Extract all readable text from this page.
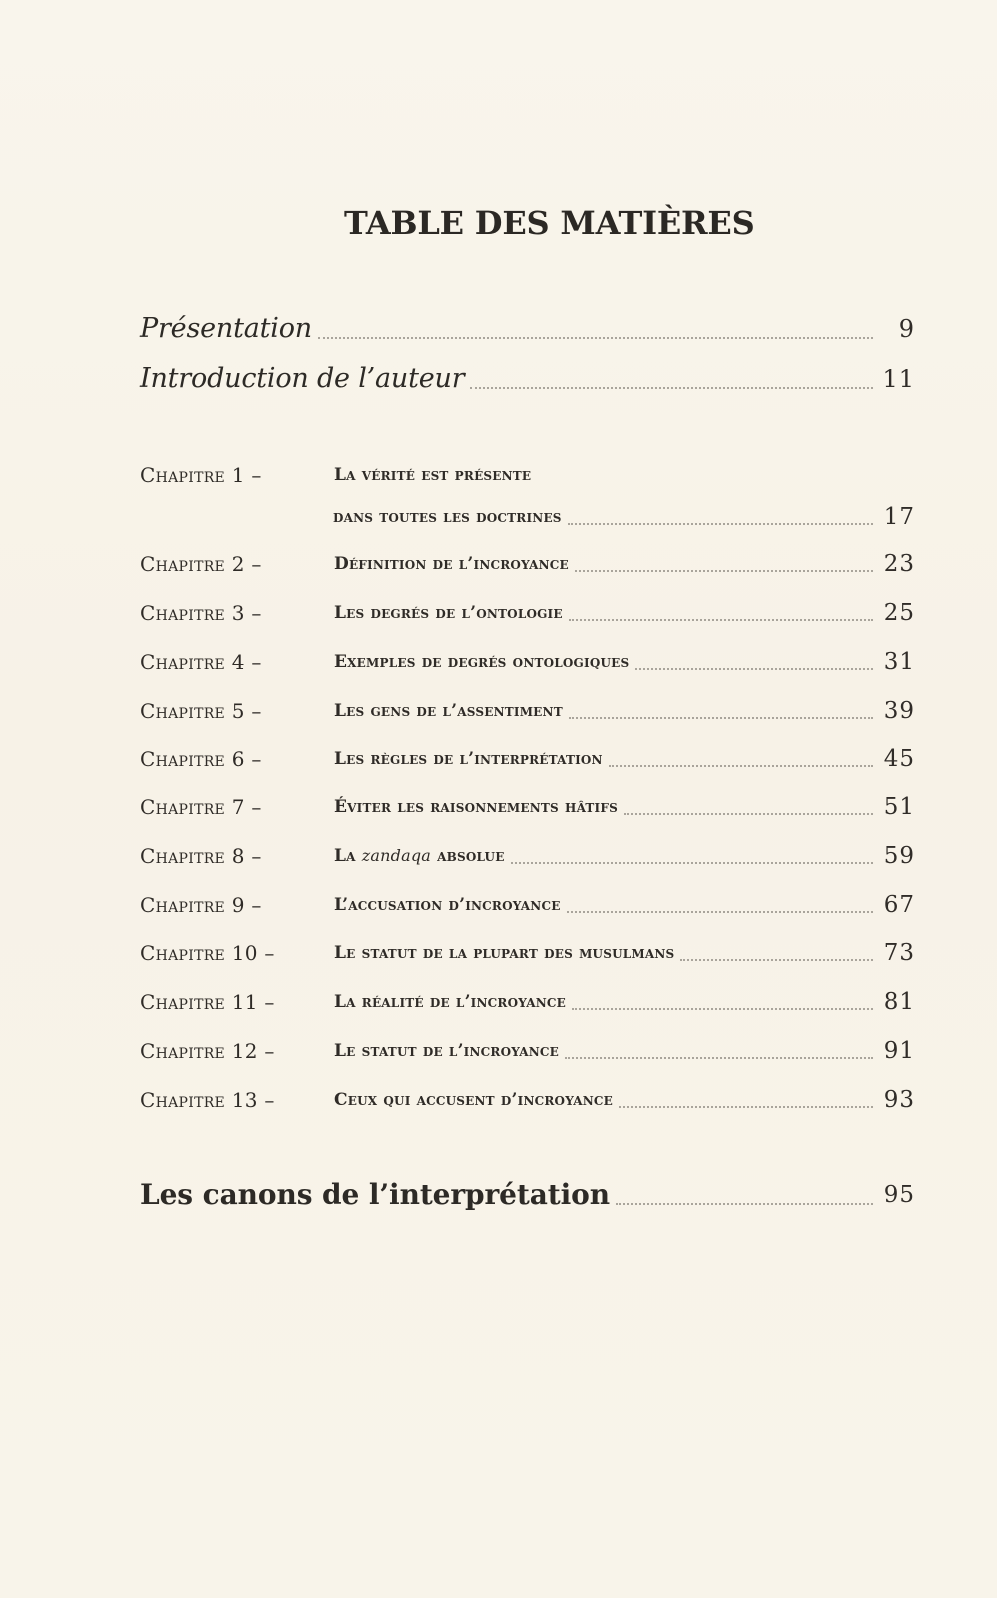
TABLE DES MATIÈRES
Présentation	9
Introduction de l’auteur	11
Chapitre 1 –	La vérité est présente
dans toutes les doctrines	17
Chapitre 2 –	Définition de l’incroyance	23
Chapitre 3 –	Les degrés de l’ontologie	25
Chapitre 4 –	Exemples de degrés ontologiques	31
Chapitre 5 –	Les gens de l’assentiment	39
Chapitre 6 –	Les règles de l’interprétation	45
Chapitre 7 –	Éviter les raisonnements hâtifs	51
Chapitre 8 –	La zandaqa absolue	59
Chapitre 9 –	L’accusation d’incroyance	67
Chapitre 10 –	Le statut de la plupart des musulmans	73
Chapitre 11 –	La réalité de l’incroyance	81
Chapitre 12 –	Le statut de l’incroyance	91
Chapitre 13 –	Ceux qui accusent d’incroyance	93
Les canons de l’interprétation	95
